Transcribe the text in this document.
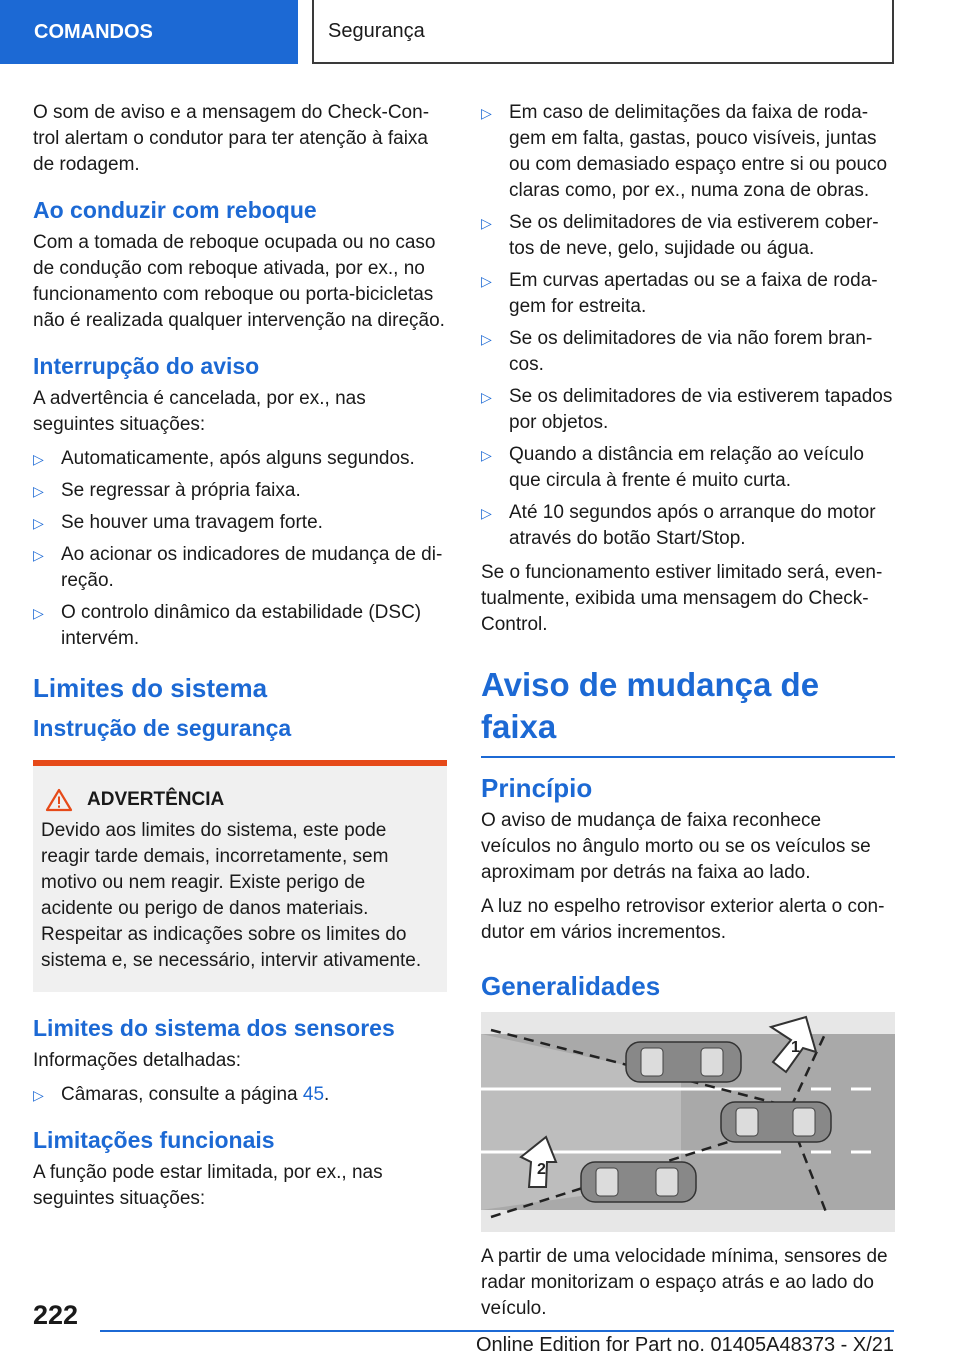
COMANDOS	Segurança

O som de aviso e a mensagem do Check-Control alertam o condutor para ter atenção à faixa de rodagem.

Ao conduzir com reboque

Com a tomada de reboque ocupada ou no caso de condução com reboque ativada, por ex., no funcionamento com reboque ou porta-bicicletas não é realizada qualquer intervenção na direção.

Interrupção do aviso

A advertência é cancelada, por ex., nas seguintes situações:

▷ Automaticamente, após alguns segundos.
▷ Se regressar à própria faixa.
▷ Se houver uma travagem forte.
▷ Ao acionar os indicadores de mudança de direção.
▷ O controlo dinâmico da estabilidade (DSC) intervém.
Limites do sistema
Instrução de segurança
ADVERTÊNCIA

Devido aos limites do sistema, este pode reagir tarde demais, incorretamente, sem motivo ou nem reagir. Existe perigo de acidente ou perigo de danos materiais. Respeitar as indicações sobre os limites do sistema e, se necessário, intervir ativamente.

Limites do sistema dos sensores

Informações detalhadas:

▷ Câmaras, consulte a página 45.
Limitações funcionais

A função pode estar limitada, por ex., nas seguintes situações:

▷ Em caso de delimitações da faixa de rodagem em falta, gastas, pouco visíveis, juntas ou com demasiado espaço entre si ou pouco claras como, por ex., numa zona de obras.
▷ Se os delimitadores de via estiverem cobertos de neve, gelo, sujidade ou água.
▷ Em curvas apertadas ou se a faixa de rodagem for estreita.
▷ Se os delimitadores de via não forem brancos.
▷ Se os delimitadores de via estiverem tapados por objetos.
▷ Quando a distância em relação ao veículo que circula à frente é muito curta.
▷ Até 10 segundos após o arranque do motor através do botão Start/Stop.

Se o funcionamento estiver limitado será, eventualmente, exibida uma mensagem do Check-Control.

Aviso de mudança de faixa
Princípio

O aviso de mudança de faixa reconhece veículos no ângulo morto ou se os veículos se aproximam por detrás na faixa ao lado.

A luz no espelho retrovisor exterior alerta o condutor em vários incrementos.

Generalidades
1
2

A partir de uma velocidade mínima, sensores de radar monitorizam o espaço atrás e ao lado do veículo.

222
Online Edition for Part no. 01405A48373 - X/21
